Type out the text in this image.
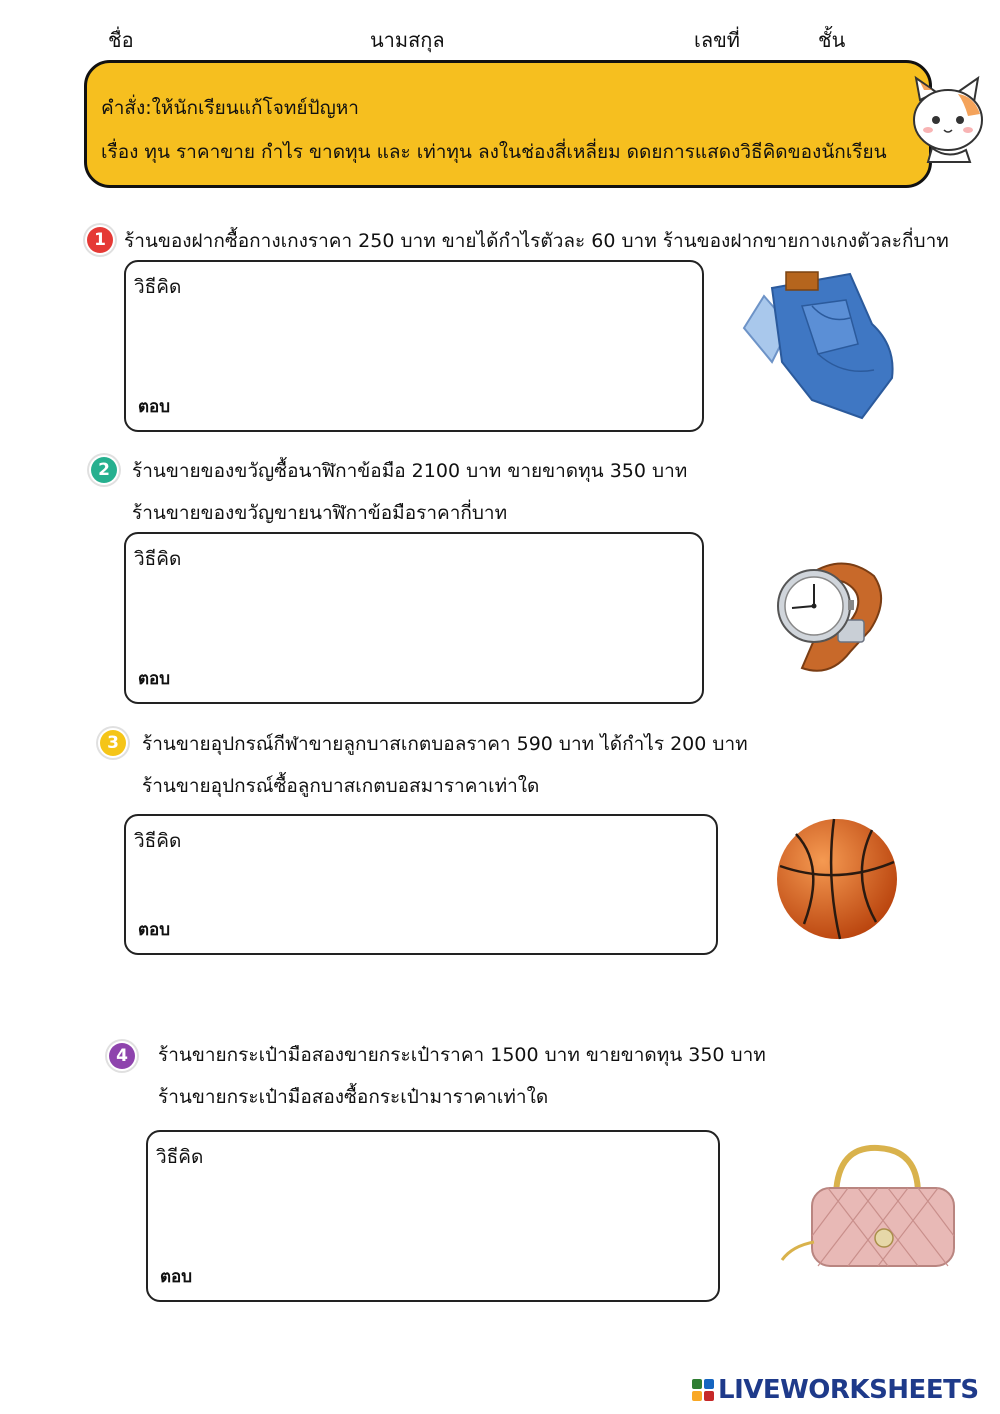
ชื่อ	นามสกุล	เลขที่	ชั้น
คำสั่ง:ให้นักเรียนแก้โจทย์ปัญหา
เรื่อง ทุน ราคาขาย กำไร ขาดทุน และ เท่าทุน ลงในช่องสี่เหลี่ยม ดดยการแสดงวิธีคิดของนักเรียน
1 ร้านของฝากซื้อกางเกงราคา 250 บาท ขายได้กำไรตัวละ 60 บาท ร้านของฝากขายกางเกงตัวละกี่บาท
วิธีคิด
ตอบ
2	ร้านขายของขวัญซื้อนาฬิกาข้อมือ 2100 บาท ขายขาดทุน 350 บาท
ร้านขายของขวัญขายนาฬิกาข้อมือราคากี่บาท
วิธีคิด
ตอบ
3	ร้านขายอุปกรณ์กีฬาขายลูกบาสเกตบอลราคา 590 บาท ได้กำไร 200 บาท
ร้านขายอุปกรณ์ซื้อลูกบาสเกตบอสมาราคาเท่าใด
วิธีคิด
ตอบ
4	ร้านขายกระเป๋ามือสองขายกระเป๋าราคา 1500 บาท ขายขาดทุน 350 บาท
ร้านขายกระเป๋ามือสองซื้อกระเป๋ามาราคาเท่าใด
วิธีคิด
ตอบ
LIVEWORKSHEETS
